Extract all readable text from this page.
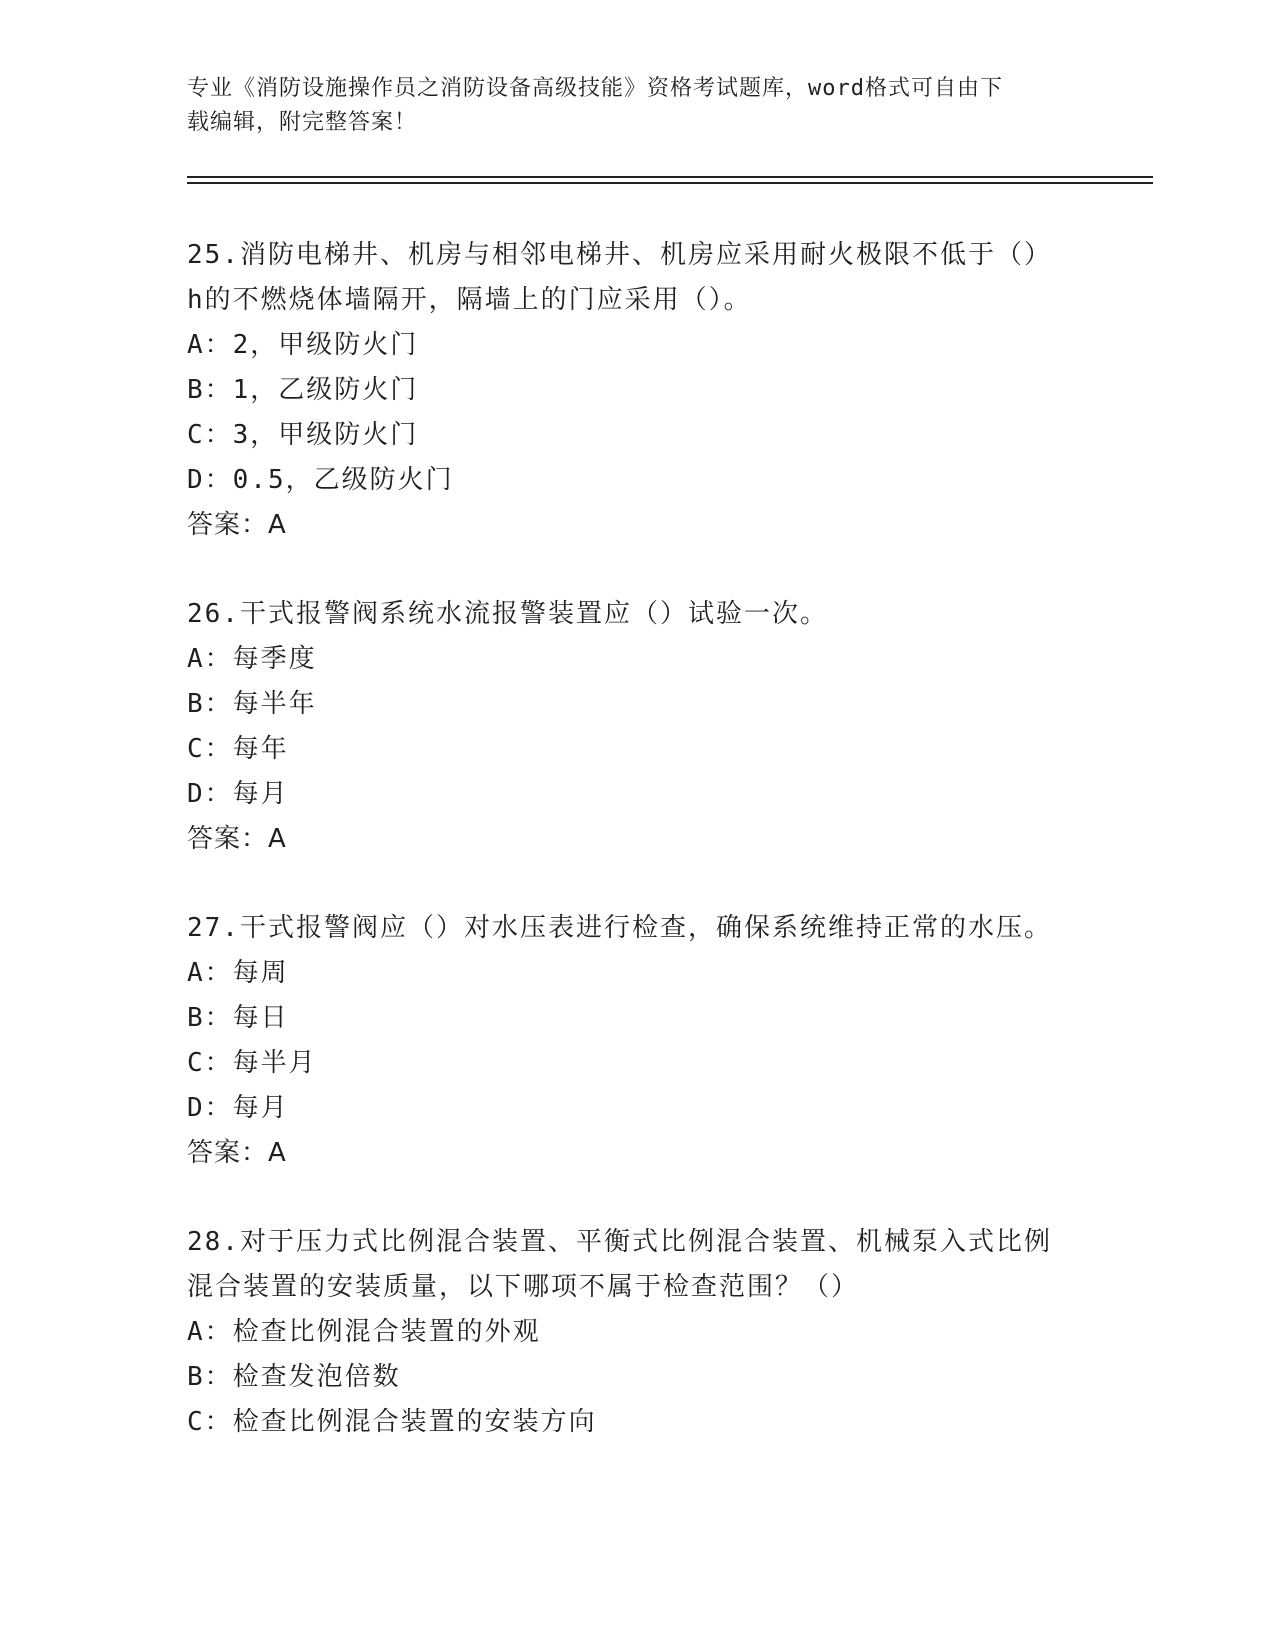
专业《消防设施操作员之消防设备高级技能》资格考试题库，word格式可自由下
载编辑，附完整答案！

25.消防电梯井、机房与相邻电梯井、机房应采用耐火极限不低于（）

h的不燃烧体墙隔开，隔墙上的门应采用（）。

A：2，甲级防火门

B：1，乙级防火门

C：3，甲级防火门

D：0.5，乙级防火门

答案：A

26.干式报警阀系统水流报警装置应（）试验一次。

A：每季度

B：每半年

C：每年

D：每月

答案：A

27.干式报警阀应（）对水压表进行检查，确保系统维持正常的水压。

A：每周

B：每日

C：每半月

D：每月

答案：A

28.对于压力式比例混合装置、平衡式比例混合装置、机械泵入式比例

混合装置的安装质量，以下哪项不属于检查范围？（）

A：检查比例混合装置的外观

B：检查发泡倍数

C：检查比例混合装置的安装方向
